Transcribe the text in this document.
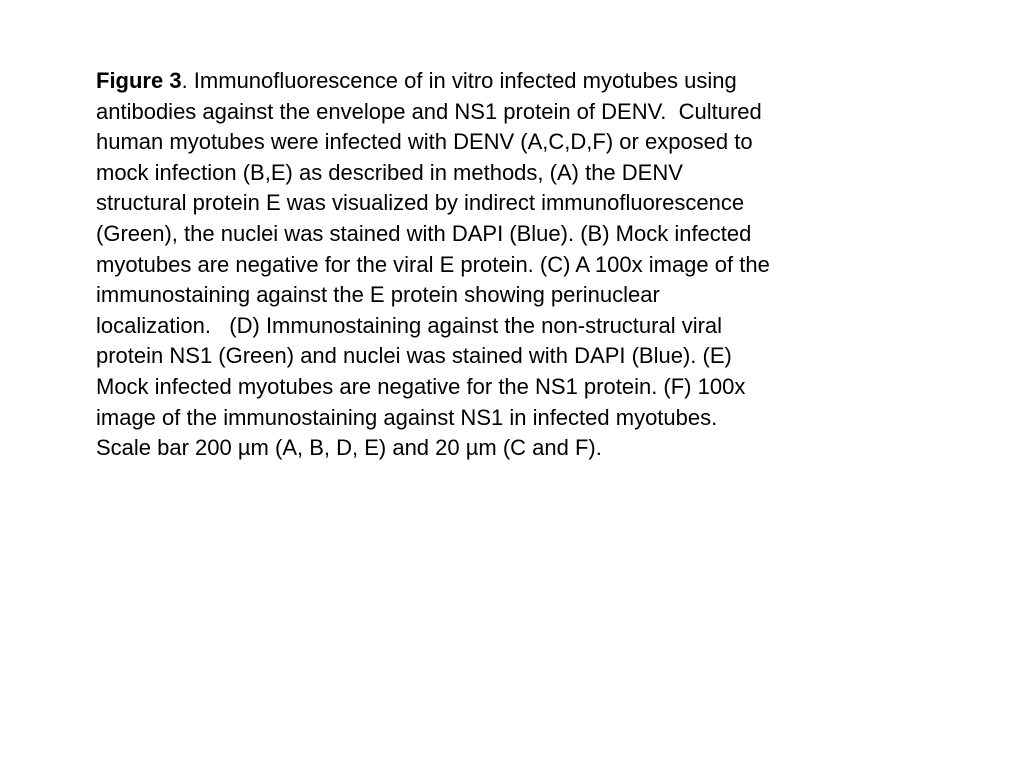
Figure 3. Immunofluorescence of in vitro infected myotubes using
antibodies against the envelope and NS1 protein of DENV.  Cultured
human myotubes were infected with DENV (A,C,D,F) or exposed to
mock infection (B,E) as described in methods, (A) the DENV
structural protein E was visualized by indirect immunofluorescence
(Green), the nuclei was stained with DAPI (Blue). (B) Mock infected
myotubes are negative for the viral E protein. (C) A 100x image of the
immunostaining against the E protein showing perinuclear
localization.   (D) Immunostaining against the non-structural viral
protein NS1 (Green) and nuclei was stained with DAPI (Blue). (E)
Mock infected myotubes are negative for the NS1 protein. (F) 100x
image of the immunostaining against NS1 in infected myotubes.
Scale bar 200 µm (A, B, D, E) and 20 µm (C and F).
